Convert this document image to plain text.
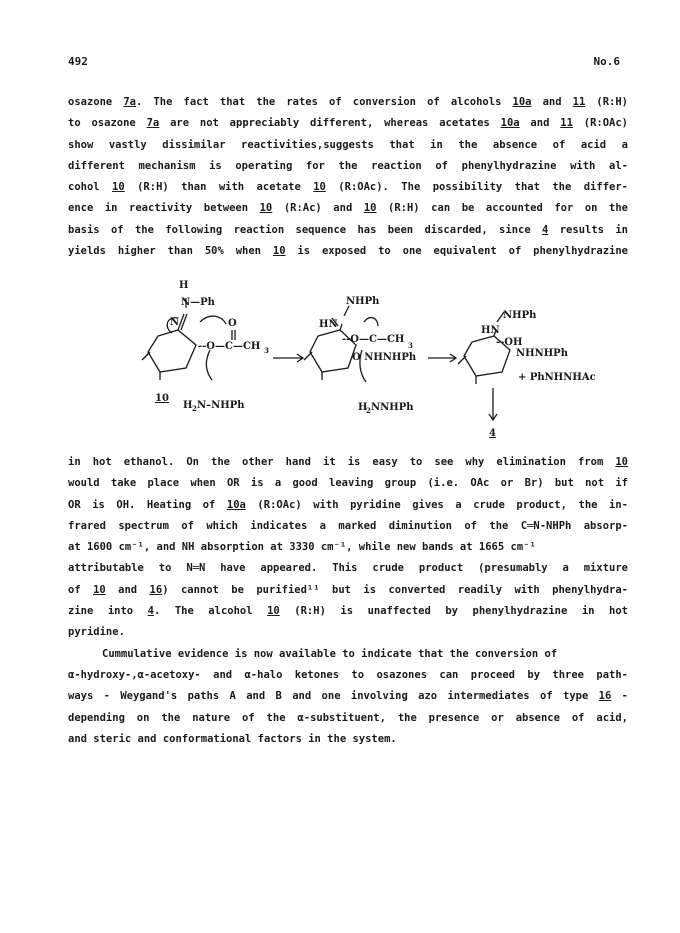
492	No.6
osazone 7a. The fact that the rates of conversion of alcohols 10a and 11 (R:H)
to osazone 7a are not appreciably different, whereas acetates 10a and 11 (R:OAc)
show vastly dissimilar reactivities,suggests that in the absence of acid a
different mechanism is operating for the reaction of phenylhydrazine with al-
cohol 10 (R:H) than with acetate 10 (R:OAc). The possibility that the differ-
ence in reactivity between 10 (R:Ac) and 10 (R:H) can be accounted for on the
basis of the following reaction sequence has been discarded, since 4 results in
yields higher than 50% when 10 is exposed to one equivalent of phenylhydrazine
H
N—Ph
N	O
--O—C—CH 3
10
H 2 N–NHPh
NHPh
HN
--O—C—CH
3
O NHNHPh
H
2 NNHPh
NHPh
HN
--OH
NHNHPh
+ PhNHNHAc
4
in hot ethanol. On the other hand it is easy to see why elimination from 10
would take place when OR is a good leaving group (i.e. OAc or Br) but not if
OR is OH. Heating of 10a (R:OAc) with pyridine gives a crude product, the in-
frared spectrum of which indicates a marked diminution of the C═N-NHPh absorp-
at 1600 cm⁻¹, and NH absorption at 3330 cm⁻¹, while new bands at 1665 cm⁻¹
attributable to N═N have appeared. This crude product (presumably a mixture
of 10 and 16) cannot be purified¹¹ but is converted readily with phenylhydra-
zine into 4. The alcohol 10 (R:H) is unaffected by phenylhydrazine in hot
pyridine.
Cummulative evidence is now available to indicate that the conversion of
α-hydroxy-,α-acetoxy- and α-halo ketones to osazones can proceed by three path-
ways - Weygand's paths A and B and one involving azo intermediates of type 16 -
depending on the nature of the α-substituent, the presence or absence of acid,
and steric and conformational factors in the system.
